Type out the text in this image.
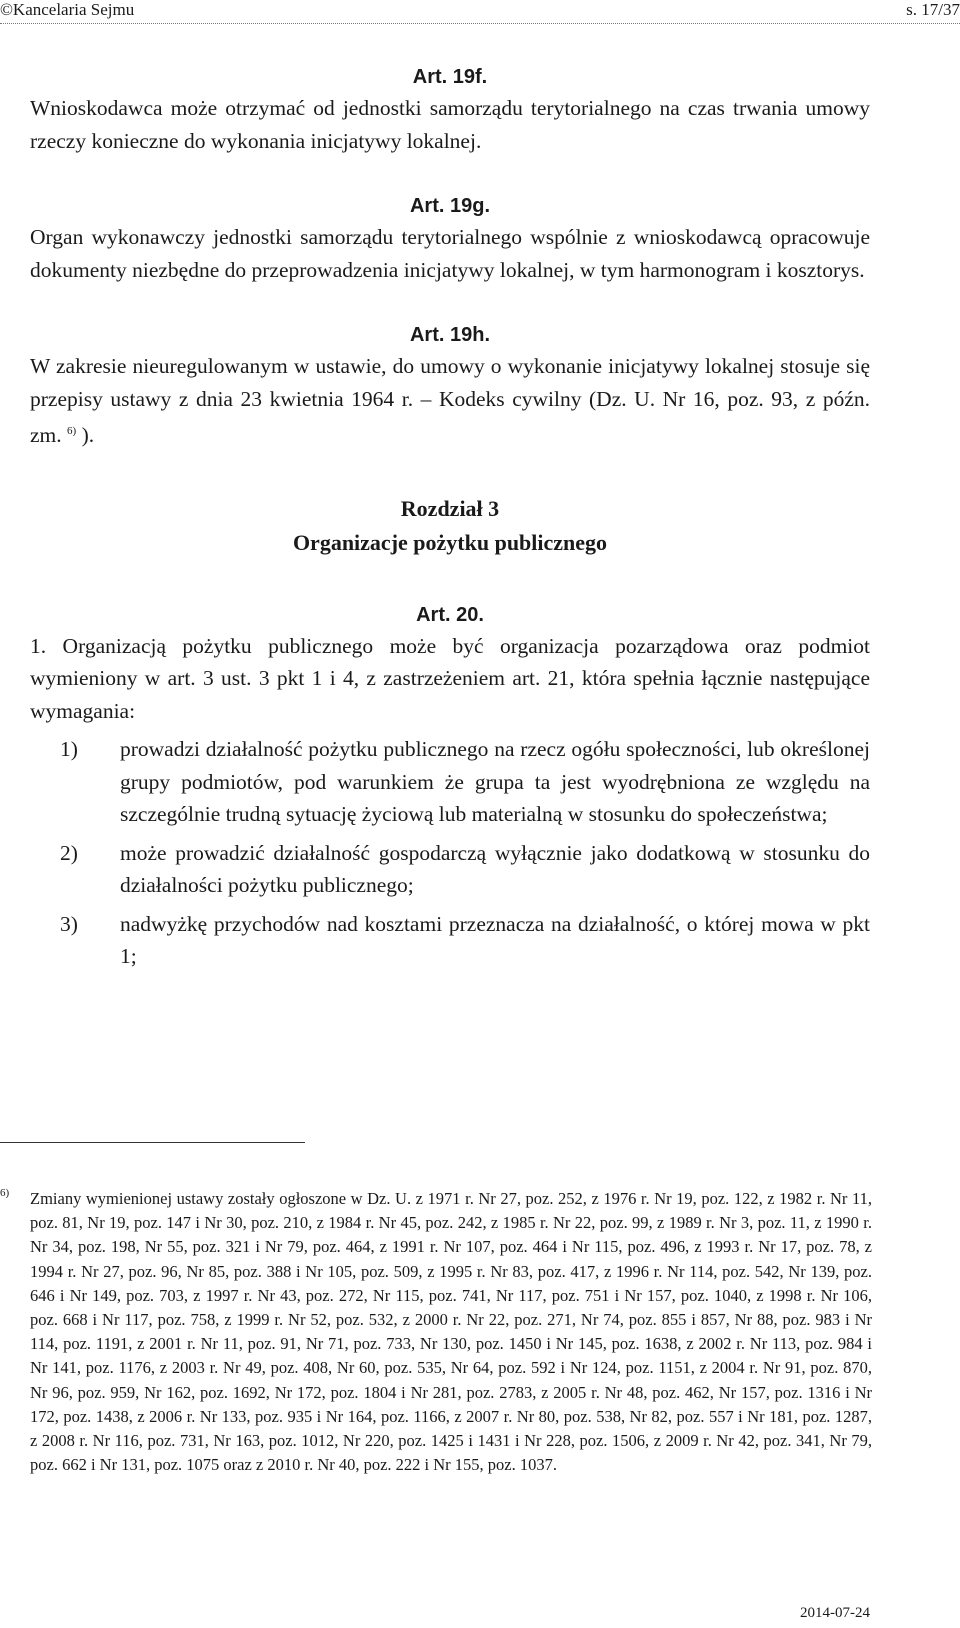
©Kancelaria Sejmu	s. 17/37
Art. 19f.

Wnioskodawca może otrzymać od jednostki samorządu terytorialnego na czas trwania umowy rzeczy konieczne do wykonania inicjatywy lokalnej.

Art. 19g.

Organ wykonawczy jednostki samorządu terytorialnego wspólnie z wnioskodawcą opracowuje dokumenty niezbędne do przeprowadzenia inicjatywy lokalnej, w tym harmonogram i kosztorys.

Art. 19h.

W zakresie nieuregulowanym w ustawie, do umowy o wykonanie inicjatywy lokalnej stosuje się przepisy ustawy z dnia 23 kwietnia 1964 r. – Kodeks cywilny (Dz. U. Nr 16, poz. 93, z późn. zm. $^{6)}$ ).

Rozdział 3
Organizacje pożytku publicznego
Art. 20.

1. Organizacją pożytku publicznego może być organizacja pozarządowa oraz podmiot wymieniony w art. 3 ust. 3 pkt 1 i 4, z zastrzeżeniem art. 21, która spełnia łącznie następujące wymagania:

1)	prowadzi działalność pożytku publicznego na rzecz ogółu społeczności, lub określonej grupy podmiotów, pod warunkiem że grupa ta jest wyodrębniona ze względu na szczególnie trudną sytuację życiową lub materialną w stosunku do społeczeństwa;
2)	może prowadzić działalność gospodarczą wyłącznie jako dodatkową w stosunku do działalności pożytku publicznego;
3)	nadwyżkę przychodów nad kosztami przeznacza na działalność, o której mowa w pkt 1;
6) Zmiany wymienionej ustawy zostały ogłoszone w Dz. U. z 1971 r. Nr 27, poz. 252, z 1976 r. Nr 19, poz. 122, z 1982 r. Nr 11, poz. 81, Nr 19, poz. 147 i Nr 30, poz. 210, z 1984 r. Nr 45, poz. 242, z 1985 r. Nr 22, poz. 99, z 1989 r. Nr 3, poz. 11, z 1990 r. Nr 34, poz. 198, Nr 55, poz. 321 i Nr 79, poz. 464, z 1991 r. Nr 107, poz. 464 i Nr 115, poz. 496, z 1993 r. Nr 17, poz. 78, z 1994 r. Nr 27, poz. 96, Nr 85, poz. 388 i Nr 105, poz. 509, z 1995 r. Nr 83, poz. 417, z 1996 r. Nr 114, poz. 542, Nr 139, poz. 646 i Nr 149, poz. 703, z 1997 r. Nr 43, poz. 272, Nr 115, poz. 741, Nr 117, poz. 751 i Nr 157, poz. 1040, z 1998 r. Nr 106, poz. 668 i Nr 117, poz. 758, z 1999 r. Nr 52, poz. 532, z 2000 r. Nr 22, poz. 271, Nr 74, poz. 855 i 857, Nr 88, poz. 983 i Nr 114, poz. 1191, z 2001 r. Nr 11, poz. 91, Nr 71, poz. 733, Nr 130, poz. 1450 i Nr 145, poz. 1638, z 2002 r. Nr 113, poz. 984 i Nr 141, poz. 1176, z 2003 r. Nr 49, poz. 408, Nr 60, poz. 535, Nr 64, poz. 592 i Nr 124, poz. 1151, z 2004 r. Nr 91, poz. 870, Nr 96, poz. 959, Nr 162, poz. 1692, Nr 172, poz. 1804 i Nr 281, poz. 2783, z 2005 r. Nr 48, poz. 462, Nr 157, poz. 1316 i Nr 172, poz. 1438, z 2006 r. Nr 133, poz. 935 i Nr 164, poz. 1166, z 2007 r. Nr 80, poz. 538, Nr 82, poz. 557 i Nr 181, poz. 1287, z 2008 r. Nr 116, poz. 731, Nr 163, poz. 1012, Nr 220, poz. 1425 i 1431 i Nr 228, poz. 1506, z 2009 r. Nr 42, poz. 341, Nr 79, poz. 662 i Nr 131, poz. 1075 oraz z 2010 r. Nr 40, poz. 222 i Nr 155, poz. 1037.
2014-07-24
